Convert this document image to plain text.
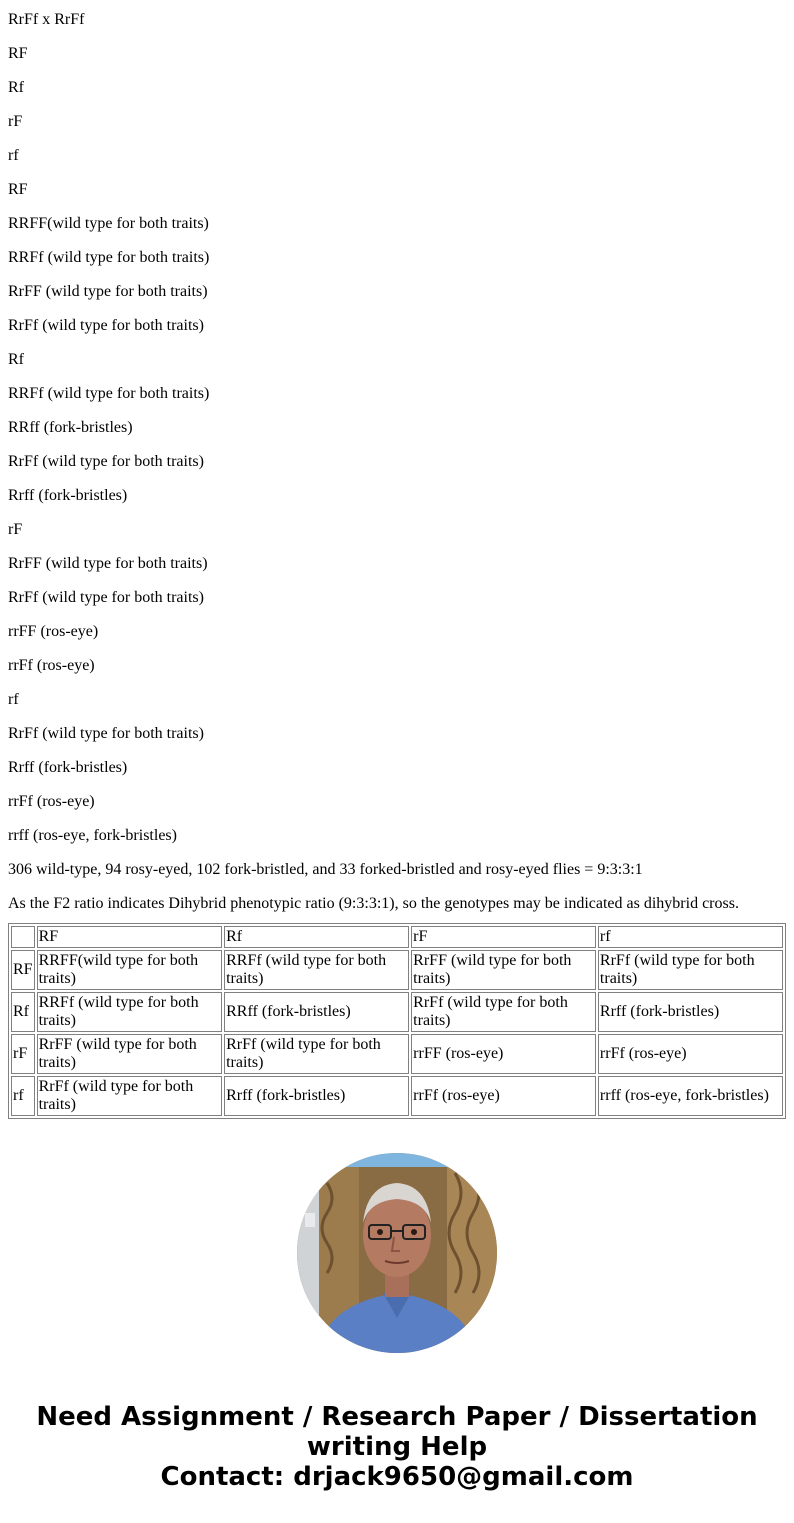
RrFf x RrFf

RF

Rf

rF

rf

RF

RRFF(wild type for both traits)

RRFf (wild type for both traits)

RrFF (wild type for both traits)

RrFf (wild type for both traits)

Rf

RRFf (wild type for both traits)

RRff (fork-bristles)

RrFf (wild type for both traits)

Rrff (fork-bristles)

rF

RrFF (wild type for both traits)

RrFf (wild type for both traits)

rrFF (ros-eye)

rrFf (ros-eye)

rf

RrFf (wild type for both traits)

Rrff (fork-bristles)

rrFf (ros-eye)

rrff (ros-eye, fork-bristles)

306 wild-type, 94 rosy-eyed, 102 fork-bristled, and 33 forked-bristled and rosy-eyed flies = 9:3:3:1

As the F2 ratio indicates Dihybrid phenotypic ratio (9:3:3:1), so the genotypes may be indicated as dihybrid cross.

	RF	Rf	rF	rf
RF	RRFF(wild type for both traits)	RRFf (wild type for both traits)	RrFF (wild type for both traits)	RrFf (wild type for both traits)
Rf	RRFf (wild type for both traits)	RRff (fork-bristles)	RrFf (wild type for both traits)	Rrff (fork-bristles)
rF	RrFF (wild type for both traits)	RrFf (wild type for both traits)	rrFF (ros-eye)	rrFf (ros-eye)
rf	RrFf (wild type for both traits)	Rrff (fork-bristles)	rrFf (ros-eye)	rrff (ros-eye, fork-bristles)
Need Assignment / Research Paper / Dissertation
writing Help
Contact: drjack9650@gmail.com
